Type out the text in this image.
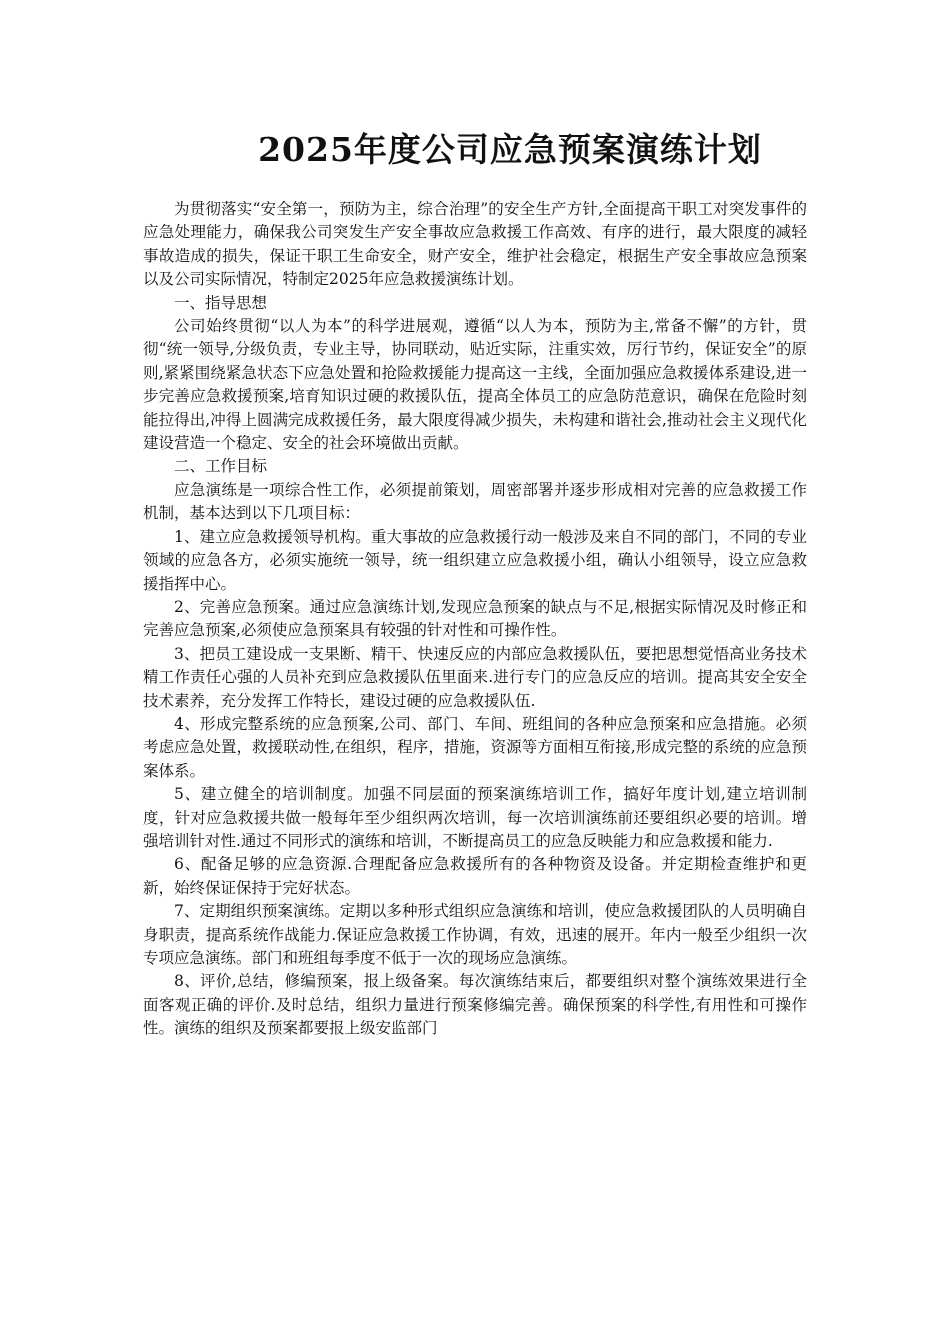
2025年度公司应急预案演练计划

为贯彻落实“安全第一，预防为主，综合治理”的安全生产方针,全面提高干职工对突发事件的应急处理能力，确保我公司突发生产安全事故应急救援工作高效、有序的进行，最大限度的减轻事故造成的损失，保证干职工生命安全，财产安全，维护社会稳定，根据生产安全事故应急预案以及公司实际情况，特制定2025年应急救援演练计划。

一、指导思想

公司始终贯彻“以人为本”的科学进展观，遵循“以人为本，预防为主,常备不懈”的方针，贯彻“统一领导,分级负责，专业主导，协同联动，贴近实际，注重实效，厉行节约，保证安全”的原则,紧紧围绕紧急状态下应急处置和抢险救援能力提高这一主线，全面加强应急救援体系建设,进一步完善应急救援预案,培育知识过硬的救援队伍，提高全体员工的应急防范意识，确保在危险时刻能拉得出,冲得上圆满完成救援任务，最大限度得减少损失，未构建和谐社会,推动社会主义现代化建设营造一个稳定、安全的社会环境做出贡献。

二、工作目标

应急演练是一项综合性工作，必须提前策划，周密部署并逐步形成相对完善的应急救援工作机制，基本达到以下几项目标：

1、建立应急救援领导机构。重大事故的应急救援行动一般涉及来自不同的部门，不同的专业领域的应急各方，必须实施统一领导，统一组织建立应急救援小组，确认小组领导，设立应急救援指挥中心。

2、完善应急预案。通过应急演练计划,发现应急预案的缺点与不足,根据实际情况及时修正和完善应急预案,必须使应急预案具有较强的针对性和可操作性。

3、把员工建设成一支果断、精干、快速反应的内部应急救援队伍，要把思想觉悟高业务技术精工作责任心强的人员补充到应急救援队伍里面来.进行专门的应急反应的培训。提高其安全安全技术素养，充分发挥工作特长，建设过硬的应急救援队伍.

4、形成完整系统的应急预案,公司、部门、车间、班组间的各种应急预案和应急措施。必须考虑应急处置，救援联动性,在组织，程序，措施，资源等方面相互衔接,形成完整的系统的应急预案体系。

5、建立健全的培训制度。加强不同层面的预案演练培训工作，搞好年度计划,建立培训制度，针对应急救援共做一般每年至少组织两次培训，每一次培训演练前还要组织必要的培训。增强培训针对性.通过不同形式的演练和培训，不断提高员工的应急反映能力和应急救援和能力.

6、配备足够的应急资源.合理配备应急救援所有的各种物资及设备。并定期检查维护和更新，始终保证保持于完好状态。

7、定期组织预案演练。定期以多种形式组织应急演练和培训，使应急救援团队的人员明确自身职责，提高系统作战能力.保证应急救援工作协调，有效，迅速的展开。年内一般至少组织一次专项应急演练。部门和班组每季度不低于一次的现场应急演练。

8、评价,总结，修编预案，报上级备案。每次演练结束后，都要组织对整个演练效果进行全面客观正确的评价.及时总结，组织力量进行预案修编完善。确保预案的科学性,有用性和可操作性。演练的组织及预案都要报上级安监部门
